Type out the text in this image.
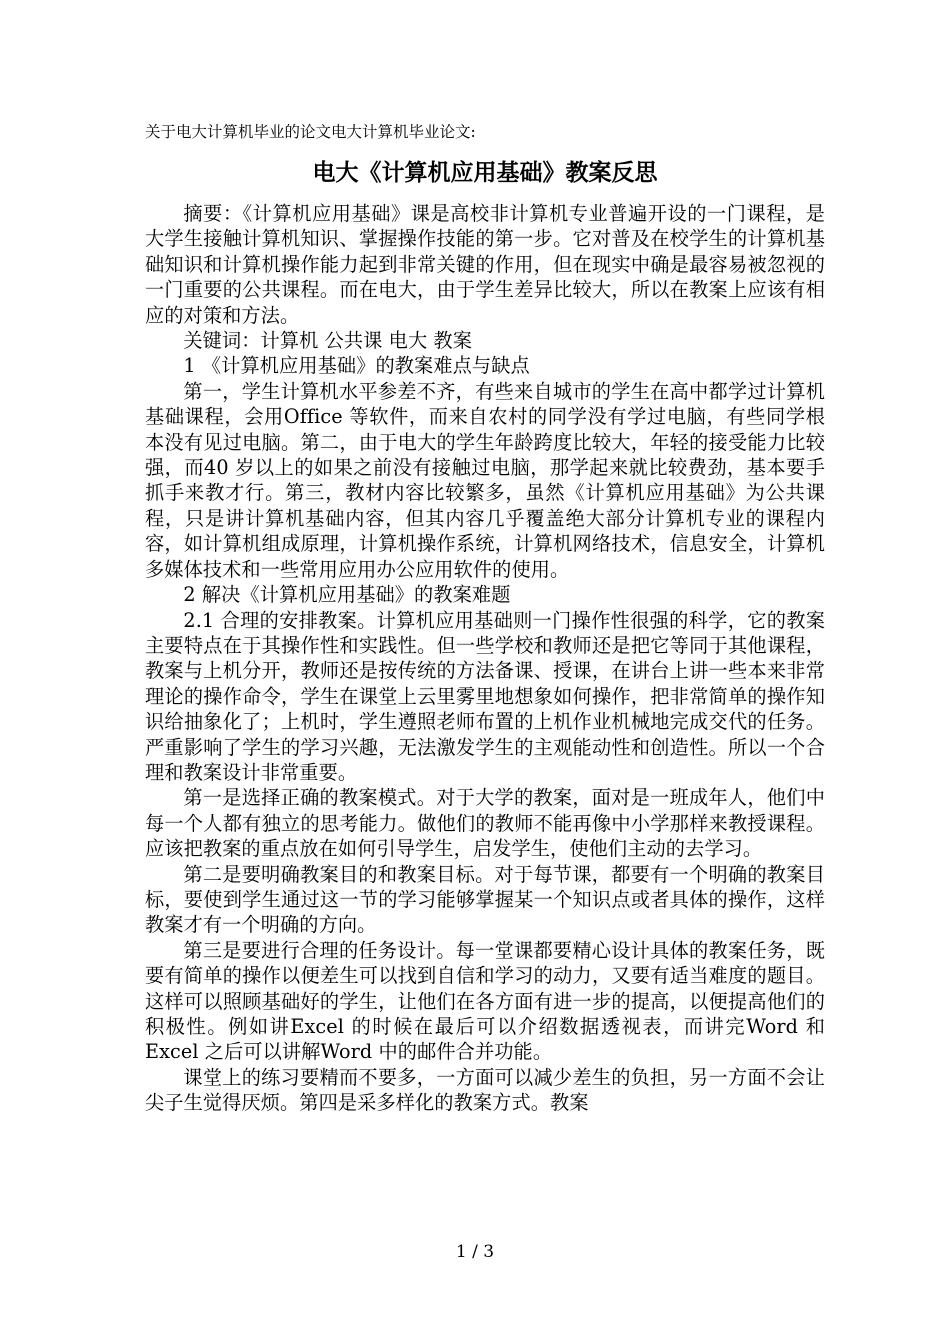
关于电大计算机毕业的论文电大计算机毕业论文:
电大《计算机应用基础》教案反思

摘要：《计算机应用基础》课是高校非计算机专业普遍开设的一门课程，是大学生接触计算机知识、掌握操作技能的第一步。它对普及在校学生的计算机基础知识和计算机操作能力起到非常关键的作用，但在现实中确是最容易被忽视的一门重要的公共课程。而在电大，由于学生差异比较大，所以在教案上应该有相应的对策和方法。

关键词：计算机 公共课 电大 教案

1 《计算机应用基础》的教案难点与缺点

第一，学生计算机水平参差不齐，有些来自城市的学生在高中都学过计算机基础课程，会用Office 等软件，而来自农村的同学没有学过电脑，有些同学根本没有见过电脑。第二，由于电大的学生年龄跨度比较大，年轻的接受能力比较强，而40 岁以上的如果之前没有接触过电脑，那学起来就比较费劲，基本要手抓手来教才行。第三，教材内容比较繁多，虽然《计算机应用基础》为公共课程，只是讲计算机基础内容，但其内容几乎覆盖绝大部分计算机专业的课程内容，如计算机组成原理，计算机操作系统，计算机网络技术，信息安全，计算机多媒体技术和一些常用应用办公应用软件的使用。

2 解决《计算机应用基础》的教案难题

2.1 合理的安排教案。计算机应用基础则一门操作性很强的科学，它的教案主要特点在于其操作性和实践性。但一些学校和教师还是把它等同于其他课程，教案与上机分开，教师还是按传统的方法备课、授课，在讲台上讲一些本来非常理论的操作命令，学生在课堂上云里雾里地想象如何操作，把非常简单的操作知识给抽象化了；上机时，学生遵照老师布置的上机作业机械地完成交代的任务。严重影响了学生的学习兴趣，无法激发学生的主观能动性和创造性。所以一个合理和教案设计非常重要。

第一是选择正确的教案模式。对于大学的教案，面对是一班成年人，他们中每一个人都有独立的思考能力。做他们的教师不能再像中小学那样来教授课程。应该把教案的重点放在如何引导学生，启发学生，使他们主动的去学习。

第二是要明确教案目的和教案目标。对于每节课，都要有一个明确的教案目标，要使到学生通过这一节的学习能够掌握某一个知识点或者具体的操作，这样教案才有一个明确的方向。

第三是要进行合理的任务设计。每一堂课都要精心设计具体的教案任务，既要有简单的操作以便差生可以找到自信和学习的动力，又要有适当难度的题目。这样可以照顾基础好的学生，让他们在各方面有进一步的提高，以便提高他们的积极性。例如讲Excel 的时候在最后可以介绍数据透视表，而讲完Word 和Excel 之后可以讲解Word 中的邮件合并功能。

课堂上的练习要精而不要多，一方面可以减少差生的负担，另一方面不会让尖子生觉得厌烦。第四是采多样化的教案方式。教案

1 / 3
